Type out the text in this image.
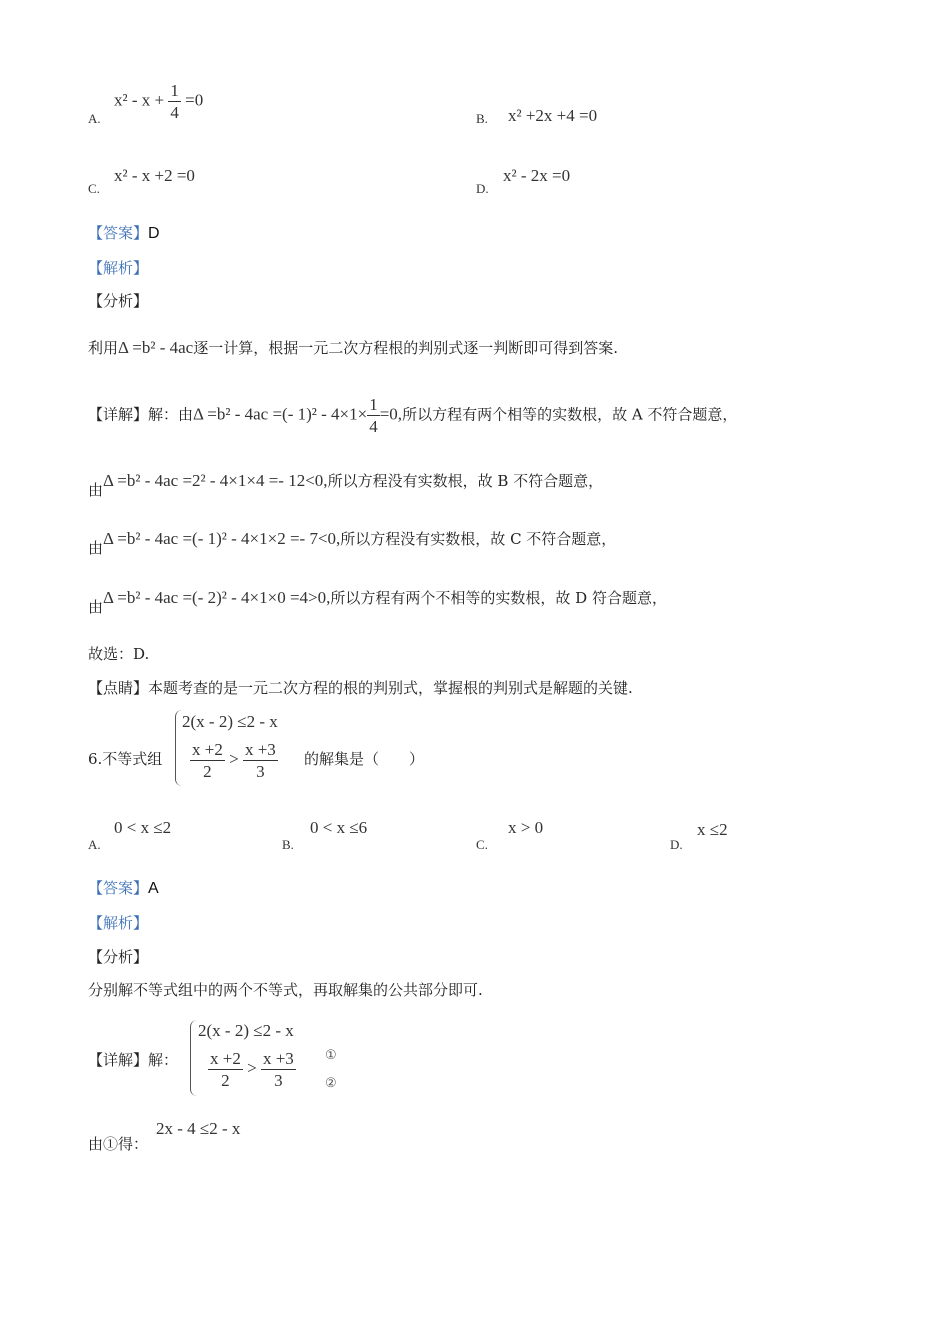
A.
$x^2 - x + \frac{1}{4} =0$
B. x² +2x +4 =0
C.
x² - x +2 =0
D.
x² - 2x =0
【答案】D
【解析】
【分析】
利用Δ =b² - 4ac逐一计算，根据一元二次方程根的判别式逐一判断即可得到答案.
【详解】解：由Δ =b² - 4ac =(- $1)^2 - 4\times 1\times \frac{1}{4} =0$,所以方程有两个相等的实数根，故 A 不符合题意，
由Δ =b² - 4ac =2² - 4×1×4 =- 12<0,所以方程没有实数根，故 B 不符合题意，
由Δ =b² - 4ac =(- 1)² - 4×1×2 =- 7<0,所以方程没有实数根，故 C 不符合题意，
由Δ =b² - 4ac =(- 2)² - 4×1×0 =4>0,所以方程有两个不相等的实数根，故 D 符合题意，
故选：D.
【点睛】本题考查的是一元二次方程的根的判别式，掌握根的判别式是解题的关键.
6.不等式组
2(x - 2) ≤2 - x
$\frac{x +2}{2} > \frac{x +3}{3}$ 的解集是（　　）
A.
0 < x ≤2
B.
0 < x ≤6
C.
x > 0
D.
x ≤2
【答案】A
【解析】
【分析】
分别解不等式组中的两个不等式，再取解集的公共部分即可.
【详解】解：
2(x - 2) ≤2 - x
$\frac{x +2}{2} > \frac{x +3}{3}$ ①
②
由①得：
2x - 4 ≤2 - x
